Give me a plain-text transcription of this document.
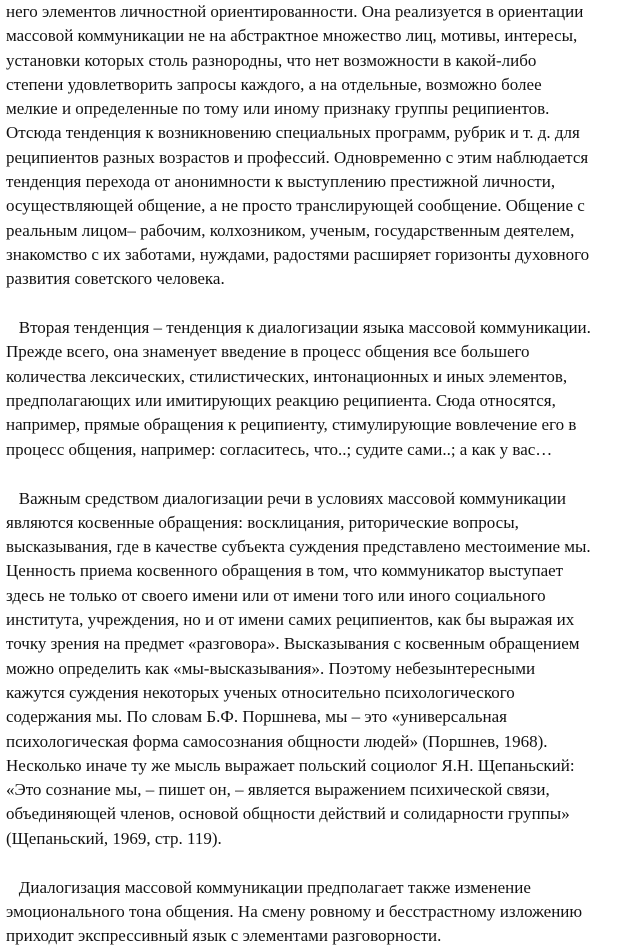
него элементов личностной ориентированности. Она реализуется в ориентации
массовой коммуникации не на абстрактное множество лиц, мотивы, интересы,
установки которых столь разнородны, что нет возможности в какой-либо
степени удовлетворить запросы каждого, а на отдельные, возможно более
мелкие и определенные по тому или иному признаку группы реципиентов.
Отсюда тенденция к возникновению специальных программ, рубрик и т. д. для
реципиентов разных возрастов и профессий. Одновременно с этим наблюдается
тенденция перехода от анонимности к выступлению престижной личности,
осуществляющей общение, а не просто транслирующей сообщение. Общение с
реальным лицом– рабочим, колхозником, ученым, государственным деятелем,
знакомство с их заботами, нуждами, радостями расширяет горизонты духовного
развития советского человека.
Вторая тенденция – тенденция к диалогизации языка массовой коммуникации.
Прежде всего, она знаменует введение в процесс общения все большего
количества лексических, стилистических, интонационных и иных элементов,
предполагающих или имитирующих реакцию реципиента. Сюда относятся,
например, прямые обращения к реципиенту, стимулирующие вовлечение его в
процесс общения, например: согласитесь, что..; судите сами..; а как у вас…
Важным средством диалогизации речи в условиях массовой коммуникации
являются косвенные обращения: восклицания, риторические вопросы,
высказывания, где в качестве субъекта суждения представлено местоимение мы.
Ценность приема косвенного обращения в том, что коммуникатор выступает
здесь не только от своего имени или от имени того или иного социального
института, учреждения, но и от имени самих реципиентов, как бы выражая их
точку зрения на предмет «разговора». Высказывания с косвенным обращением
можно определить как «мы-высказывания». Поэтому небезынтересными
кажутся суждения некоторых ученых относительно психологического
содержания мы. По словам Б.Ф. Поршнева, мы – это «универсальная
психологическая форма самосознания общности людей» (Поршнев, 1968).
Несколько иначе ту же мысль выражает польский социолог Я.Н. Щепаньский:
«Это сознание мы, – пишет он, – является выражением психической связи,
объединяющей членов, основой общности действий и солидарности группы»
(Щепаньский, 1969, стр. 119).
Диалогизация массовой коммуникации предполагает также изменение
эмоционального тона общения. На смену ровному и бесстрастному изложению
приходит экспрессивный язык с элементами разговорности.
